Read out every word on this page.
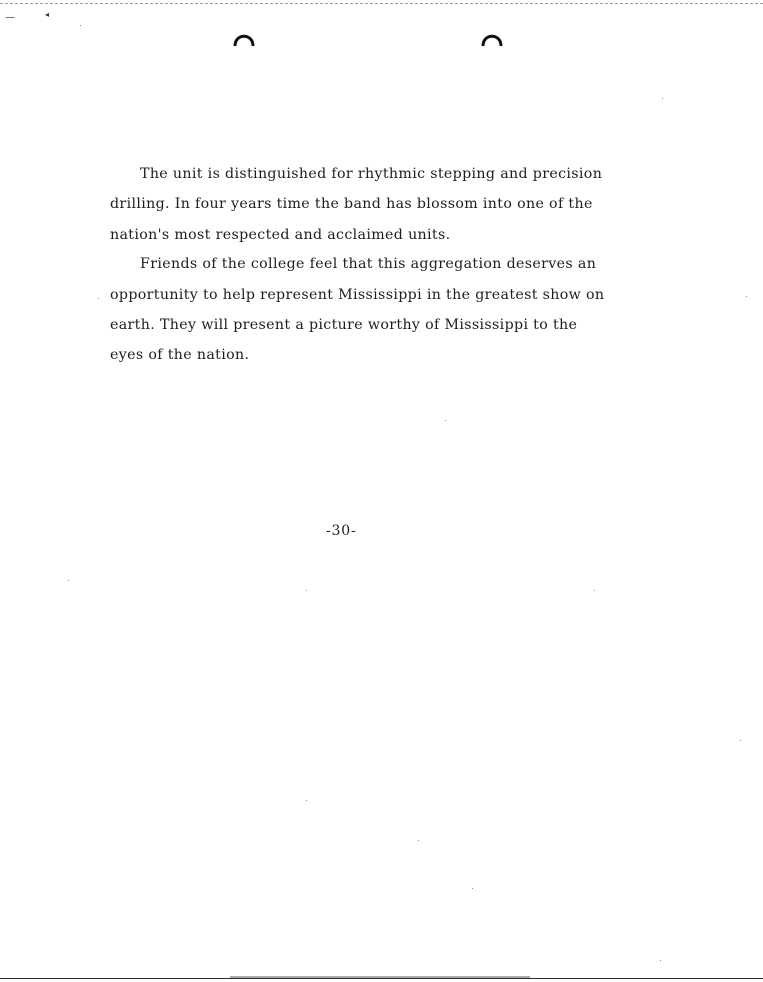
—	◂
The unit is distinguished for rhythmic stepping and precision
drilling. In four years time the band has blossom into one of the
nation's most respected and acclaimed units.
Friends of the college feel that this aggregation deserves an
opportunity to help represent Mississippi in the greatest show on
earth. They will present a picture worthy of Mississippi to the
eyes of the nation.
-30-
